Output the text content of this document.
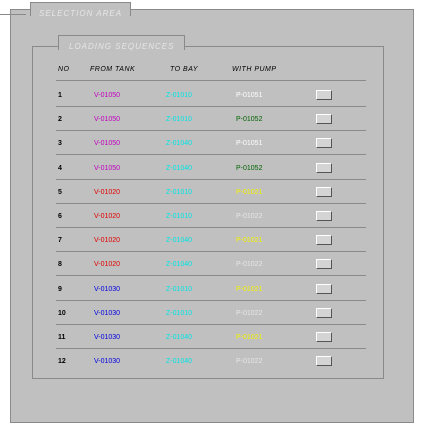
SELECTION AREA
LOADING SEQUENCES
NO	FROM TANK	TO BAY	WITH PUMP
1	V-01050	Z-01010	P-01051
2	V-01050	Z-01010	P-01052
3	V-01050	Z-01040	P-01051
4	V-01050	Z-01040	P-01052
5	V-01020	Z-01010	P-01021
6	V-01020	Z-01010	P-01022
7	V-01020	Z-01040	P-01021
8	V-01020	Z-01040	P-01022
9	V-01030	Z-01010	P-01021
10	V-01030	Z-01010	P-01022
11	V-01030	Z-01040	P-01021
12	V-01030	Z-01040	P-01022
